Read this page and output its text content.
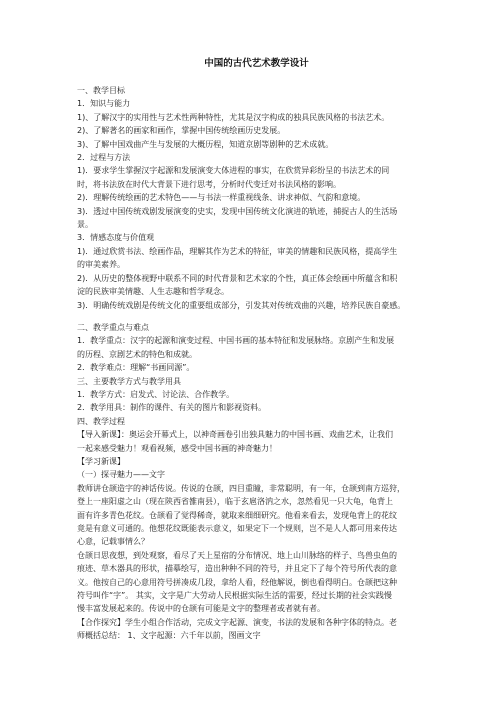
中国的古代艺术教学设计
一、教学目标
1．知识与能力
1)、了解汉字的实用性与艺术性两种特性，尤其是汉字构成的独具民族风格的书法艺术。
2)、了解著名的画家和画作，掌握中国传统绘画历史发展。
3)、了解中国戏曲产生与发展的大概历程，知道京剧等剧种的艺术成就。
2．过程与方法
1)．要求学生掌握汉字起源和发展演变大体进程的事实，在欣赏异彩纷呈的书法艺术的同
时，将书法放在时代大背景下进行思考，分析时代变迁对书法风格的影响。
2)．理解传统绘画的艺术特色——与书法一样重视线条、讲求神似、气韵和意境。
3)．透过中国传统戏剧发展演变的史实，发现中国传统文化演进的轨迹，捕捉古人的生活场
景。
3．情感态度与价值观
1)．通过欣赏书法、绘画作品，理解其作为艺术的特征，审美的情趣和民族风格，提高学生
的审美素养。
2)．从历史的整体视野中联系不同的时代背景和艺术家的个性，真正体会绘画中所蕴含和积
淀的民族审美情趣、人生志趣和哲学观念。
3)．明确传统戏剧是传统文化的重要组成部分，引发其对传统戏曲的兴趣，培养民族自豪感。
二、教学重点与难点
1．教学重点：汉字的起源和演变过程、中国书画的基本特征和发展脉络。京剧产生和发展
的历程、京剧艺术的特色和成就。
2．教学难点：理解“书画同源”。
三、主要教学方式与教学用具
1．教学方式：启发式、讨论法、合作教学。
2．教学用具：制作的课件、有关的图片和影视资料。
四、教学过程
【导入新课】：奥运会开幕式上，以神奇画卷引出独具魅力的中国书画、戏曲艺术，让我们
一起来感受魅力！观看视频，感受中国书画的神奇魅力！
【学习新课】
（一）探寻魅力——文字
教师讲仓颉造字的神话传说。传说的仓颉，四目重瞳，非常聪明，有一年，仓颉到南方巡狩，
登上一座阳虚之山（现在陕西省雒南县），临于玄扈洛汭之水，忽然看见一只大龟，龟背上
面有许多青色花纹。仓颉看了觉得稀奇，就取来细细研究。他看来看去，发现龟背上的花纹
竟是有意义可通的。他想花纹既能表示意义，如果定下一个规则，岂不是人人都可用来传达
心意，记载事情么？
仓颉日思夜想，到处观察，看尽了天上星宿的分布情况、地上山川脉络的样子、鸟兽虫鱼的
痕迹、草木器具的形状，描摹绘写，造出种种不同的符号，并且定下了每个符号所代表的意
义。他按自己的心意用符号拼凑成几段，拿给人看，经他解说，倒也看得明白。仓颉把这种
符号叫作“字”。 其实，文字是广大劳动人民根据实际生活的需要，经过长期的社会实践慢
慢丰富发展起来的。传说中的仓颉有可能是文字的整理者或者就有者。
【合作探究】学生小组合作活动，完成文字起源、演变，书法的发展和各种字体的特点。老
师概括总结： 1、文字起源：六千年以前，图画文字
